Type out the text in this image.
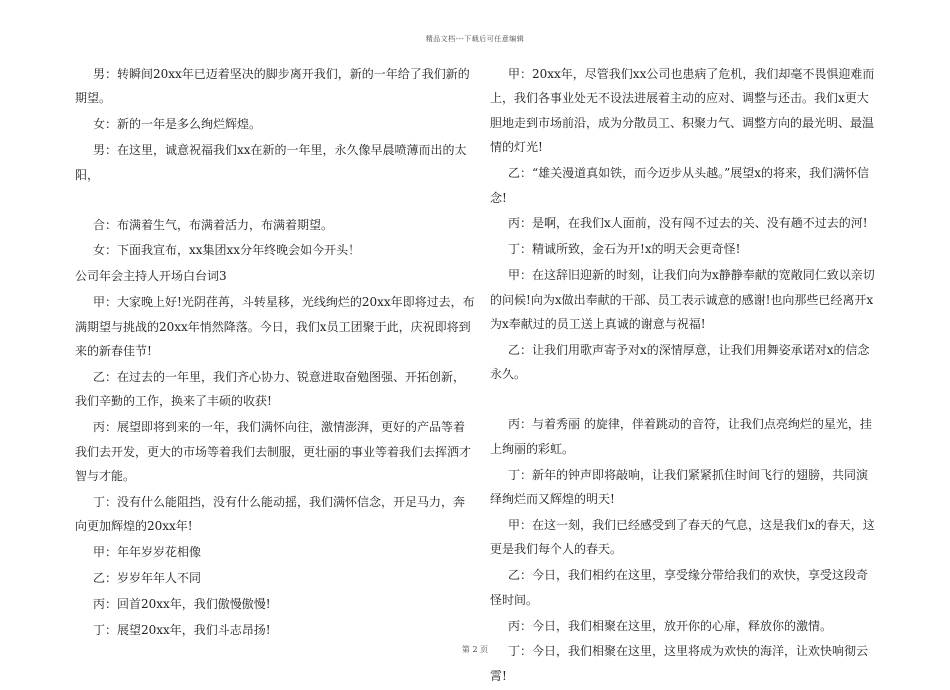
精品文档---下载后可任意编辑

男：转瞬间20xx年已迈着坚决的脚步离开我们，新的一年给了我们新的期望。

女：新的一年是多么绚烂辉煌。

男：在这里，诚意祝福我们xx在新的一年里，永久像早晨喷薄而出的太阳，

合：布满着生气，布满着活力，布满着期望。

女：下面我宣布，xx集团xx分年终晚会如今开头！

公司年会主持人开场白台词3

甲：大家晚上好!光阴荏苒，斗转星移，光线绚烂的20xx年即将过去，布满期望与挑战的20xx年悄然降落。今日，我们x员工团聚于此，庆祝即将到来的新春佳节!

乙：在过去的一年里，我们齐心协力、锐意进取奋勉图强、开拓创新，我们辛勤的工作，换来了丰硕的收获!

丙：展望即将到来的一年，我们满怀向往，激情澎湃，更好的产品等着我们去开发，更大的市场等着我们去制服，更壮丽的事业等着我们去挥洒才智与才能。

丁：没有什么能阻挡，没有什么能动摇，我们满怀信念，开足马力，奔向更加辉煌的20xx年!

甲：年年岁岁花相像

乙：岁岁年年人不同

丙：回首20xx年，我们傲慢傲慢!

丁：展望20xx年，我们斗志昂扬!

甲：20xx年，尽管我们xx公司也患病了危机，我们却毫不畏惧迎难而上，我们各事业处无不设法进展着主动的应对、调整与还击。我们x更大胆地走到市场前沿，成为分散员工、积聚力气、调整方向的最光明、最温情的灯光!

乙：“雄关漫道真如铁，而今迈步从头越。”展望x的将来，我们满怀信念!

丙：是啊，在我们x人面前，没有闯不过去的关、没有趟不过去的河!

丁：精诚所致，金石为开!x的明天会更奇怪!

甲：在这辞旧迎新的时刻，让我们向为x静静奉献的宽敞同仁致以亲切的问候!向为x做出奉献的干部、员工表示诚意的感谢!也向那些已经离开x为x奉献过的员工送上真诚的谢意与祝福!

乙：让我们用歌声寄予对x的深情厚意，让我们用舞姿承诺对x的信念永久。

丙：与着秀丽 的旋律，伴着跳动的音符，让我们点亮绚烂的星光，挂上绚丽的彩虹。

丁：新年的钟声即将敲响，让我们紧紧抓住时间飞行的翅膀，共同演绎绚烂而又辉煌的明天!

甲：在这一刻，我们已经感受到了春天的气息，这是我们x的春天，这更是我们每个人的春天。

乙：今日，我们相约在这里，享受缘分带给我们的欢快，享受这段奇怪时间。

丙：今日，我们相聚在这里，放开你的心扉，释放你的激情。

丁：今日，我们相聚在这里，这里将成为欢快的海洋，让欢快响彻云霄!

第 2 页
